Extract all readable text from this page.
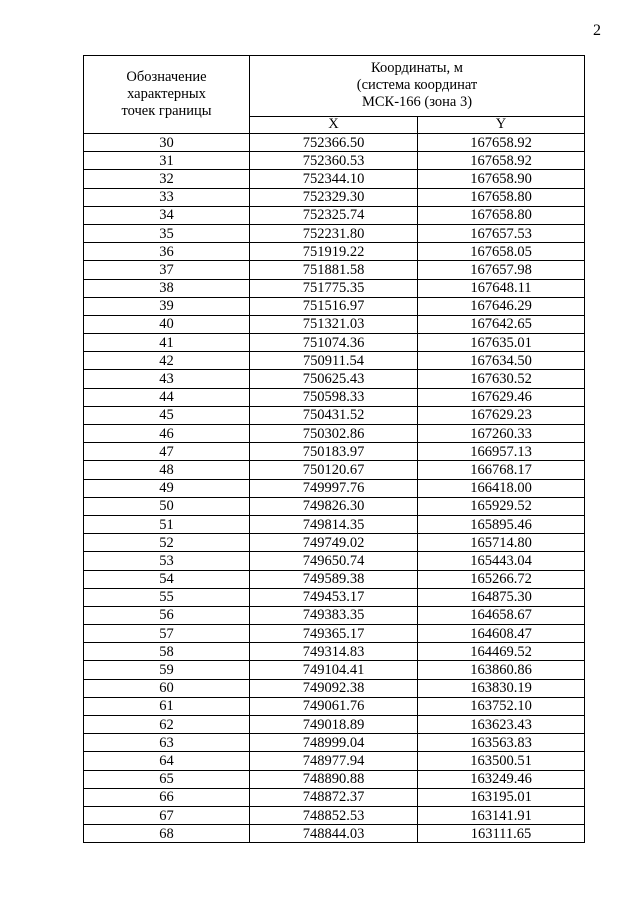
2
Обозначение
характерных
точек границы	Координаты, м
(система координат
МСК-166 (зона 3)	

	X	Y
30	752366.50	167658.92
31	752360.53	167658.92
32	752344.10	167658.90
33	752329.30	167658.80
34	752325.74	167658.80
35	752231.80	167657.53
36	751919.22	167658.05
37	751881.58	167657.98
38	751775.35	167648.11
39	751516.97	167646.29
40	751321.03	167642.65
41	751074.36	167635.01
42	750911.54	167634.50
43	750625.43	167630.52
44	750598.33	167629.46
45	750431.52	167629.23
46	750302.86	167260.33
47	750183.97	166957.13
48	750120.67	166768.17
49	749997.76	166418.00
50	749826.30	165929.52
51	749814.35	165895.46
52	749749.02	165714.80
53	749650.74	165443.04
54	749589.38	165266.72
55	749453.17	164875.30
56	749383.35	164658.67
57	749365.17	164608.47
58	749314.83	164469.52
59	749104.41	163860.86
60	749092.38	163830.19
61	749061.76	163752.10
62	749018.89	163623.43
63	748999.04	163563.83
64	748977.94	163500.51
65	748890.88	163249.46
66	748872.37	163195.01
67	748852.53	163141.91
68	748844.03	163111.65
